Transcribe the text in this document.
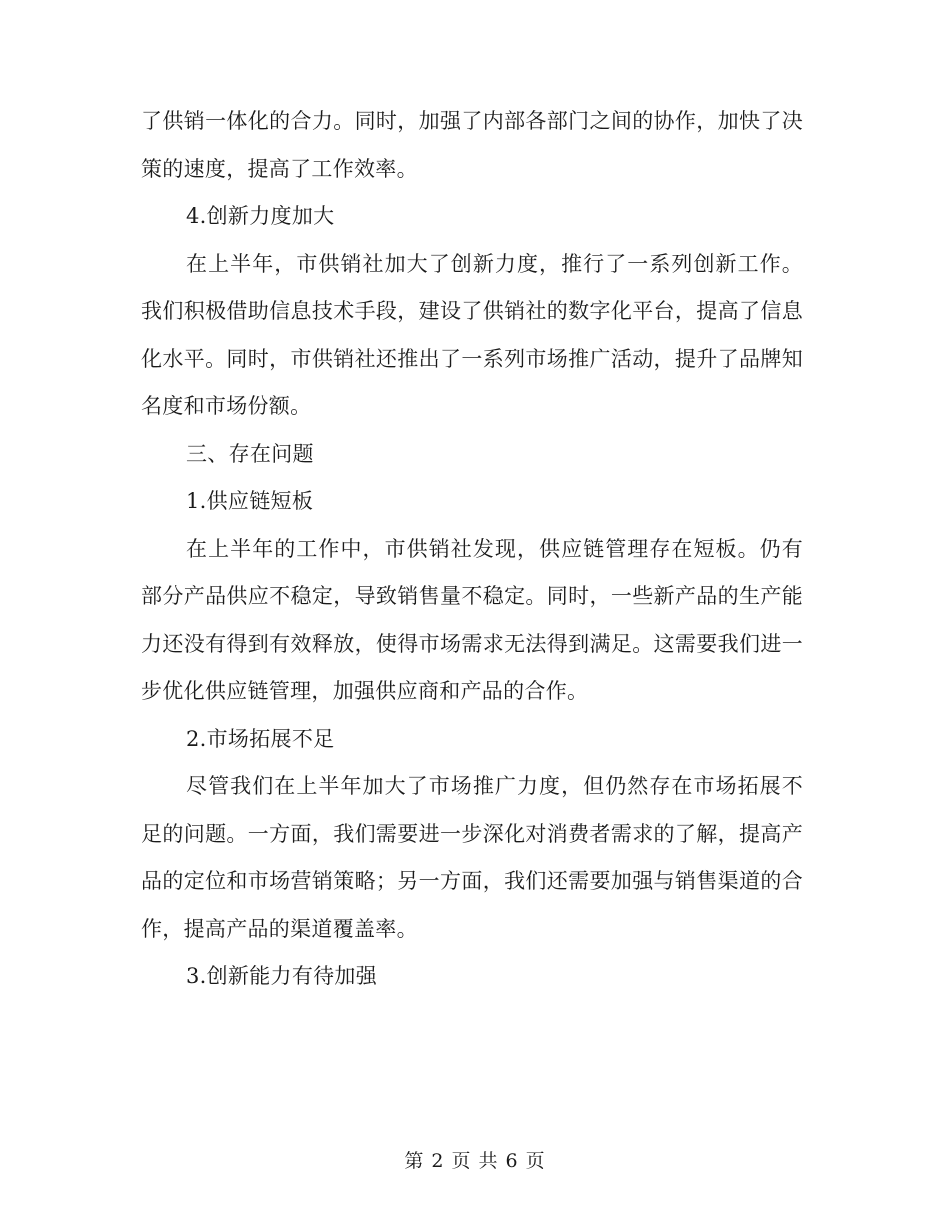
了供销一体化的合力。同时，加强了内部各部门之间的协作，加快了决策的速度，提高了工作效率。

4.创新力度加大

在上半年，市供销社加大了创新力度，推行了一系列创新工作。我们积极借助信息技术手段，建设了供销社的数字化平台，提高了信息化水平。同时，市供销社还推出了一系列市场推广活动，提升了品牌知名度和市场份额。

三、存在问题

1.供应链短板

在上半年的工作中，市供销社发现，供应链管理存在短板。仍有部分产品供应不稳定，导致销售量不稳定。同时，一些新产品的生产能力还没有得到有效释放，使得市场需求无法得到满足。这需要我们进一步优化供应链管理，加强供应商和产品的合作。

2.市场拓展不足

尽管我们在上半年加大了市场推广力度，但仍然存在市场拓展不足的问题。一方面，我们需要进一步深化对消费者需求的了解，提高产品的定位和市场营销策略；另一方面，我们还需要加强与销售渠道的合作，提高产品的渠道覆盖率。

3.创新能力有待加强

第 2 页 共 6 页
